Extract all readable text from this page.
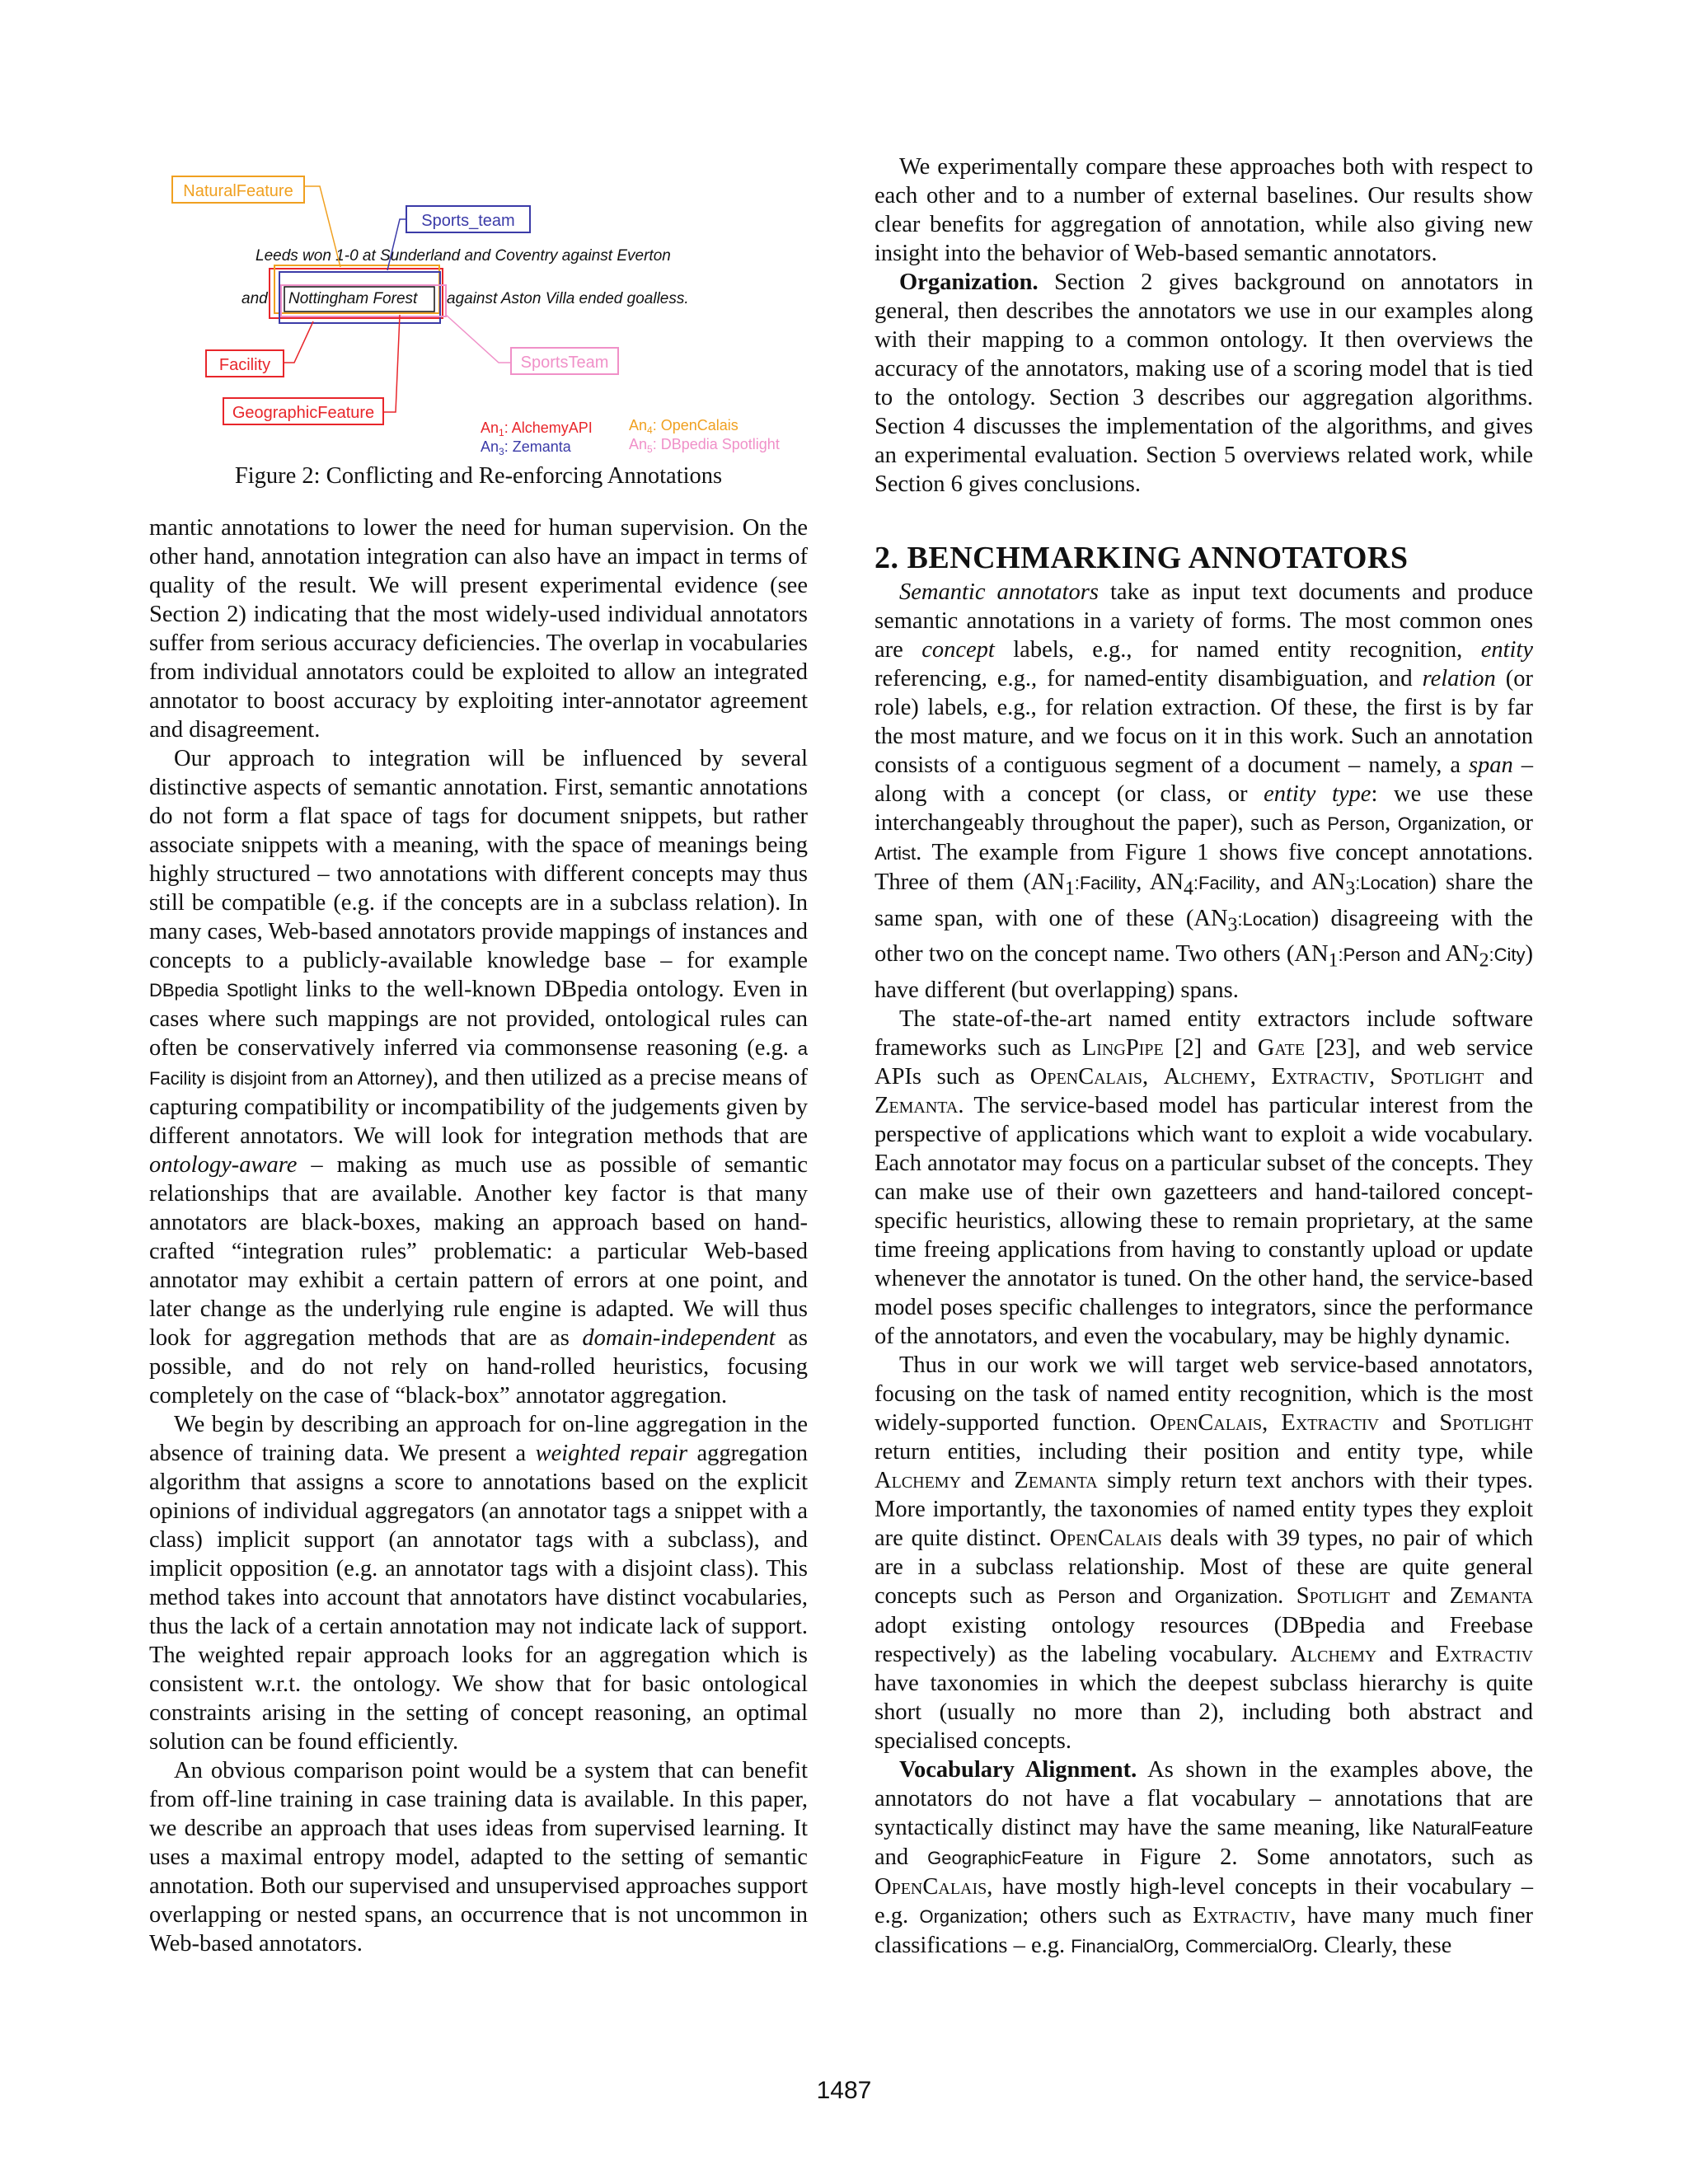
NaturalFeature
Sports_team
Leeds won 1-0 at Sunderland and Coventry against Everton
and Nottingham Forest against Aston Villa ended goalless.
Facility	SportsTeam
GeographicFeature
$An_1$: AlchemyAPI
$An_3$: Zemanta
$An_4$: OpenCalais
$An_5$: DBpedia Spotlight
Figure 2: Conflicting and Re-enforcing Annotations

mantic annotations to lower the need for human supervision. On the other hand, annotation integration can also have an impact in terms of quality of the result. We will present experimental evidence (see Section 2) indicating that the most widely-used individual annotators suffer from serious accuracy deficiencies. The overlap in vocabularies from individual annotators could be exploited to allow an integrated annotator to boost accuracy by exploiting inter-annotator agreement and disagreement.

Our approach to integration will be influenced by several distinctive aspects of semantic annotation. First, semantic annotations do not form a flat space of tags for document snippets, but rather associate snippets with a meaning, with the space of meanings being highly structured – two annotations with different concepts may thus still be compatible (e.g. if the concepts are in a subclass relation). In many cases, Web-based annotators provide mappings of instances and concepts to a publicly-available knowledge base – for example DBpedia Spotlight links to the well-known DBpedia ontology. Even in cases where such mappings are not provided, ontological rules can often be conservatively inferred via commonsense reasoning (e.g. a Facility is disjoint from an Attorney), and then utilized as a precise means of capturing compatibility or incompatibility of the judgements given by different annotators. We will look for integration methods that are ontology-aware – making as much use as possible of semantic relationships that are available. Another key factor is that many annotators are black-boxes, making an approach based on hand-crafted “integration rules” problematic: a particular Web-based annotator may exhibit a certain pattern of errors at one point, and later change as the underlying rule engine is adapted. We will thus look for aggregation methods that are as domain-independent as possible, and do not rely on hand-rolled heuristics, focusing completely on the case of “black-box” annotator aggregation.

We begin by describing an approach for on-line aggregation in the absence of training data. We present a weighted repair aggregation algorithm that assigns a score to annotations based on the explicit opinions of individual aggregators (an annotator tags a snippet with a class) implicit support (an annotator tags with a subclass), and implicit opposition (e.g. an annotator tags with a disjoint class). This method takes into account that annotators have distinct vocabularies, thus the lack of a certain annotation may not indicate lack of support. The weighted repair approach looks for an aggregation which is consistent w.r.t. the ontology. We show that for basic ontological constraints arising in the setting of concept reasoning, an optimal solution can be found efficiently.

An obvious comparison point would be a system that can benefit from off-line training in case training data is available. In this paper, we describe an approach that uses ideas from supervised learning. It uses a maximal entropy model, adapted to the setting of semantic annotation. Both our supervised and unsupervised approaches support overlapping or nested spans, an occurrence that is not uncommon in Web-based annotators.

We experimentally compare these approaches both with respect to each other and to a number of external baselines. Our results show clear benefits for aggregation of annotation, while also giving new insight into the behavior of Web-based semantic annotators.

Organization. Section 2 gives background on annotators in general, then describes the annotators we use in our examples along with their mapping to a common ontology. It then overviews the accuracy of the annotators, making use of a scoring model that is tied to the ontology. Section 3 describes our aggregation algorithms. Section 4 discusses the implementation of the algorithms, and gives an experimental evaluation. Section 5 overviews related work, while Section 6 gives conclusions.

2. BENCHMARKING ANNOTATORS

Semantic annotators take as input text documents and produce semantic annotations in a variety of forms. The most common ones are concept labels, e.g., for named entity recognition, entity referencing, e.g., for named-entity disambiguation, and relation (or role) labels, e.g., for relation extraction. Of these, the first is by far the most mature, and we focus on it in this work. Such an annotation consists of a contiguous segment of a document – namely, a span – along with a concept (or class, or entity type: we use these interchangeably throughout the paper), such as Person, Organization, or Artist. The example from Figure 1 shows five concept annotations. Three of them ($AN_1:Facility$, $AN_4:Facility$, and $AN_3:Location$) share the same span, with one of these $(AN_3:Location)$ disagreeing with the other two on the concept name. Two others ($AN_1:Person$ and $AN_2:City$) have different (but overlapping) spans.

The state-of-the-art named entity extractors include software frameworks such as LingPipe [2] and Gate [23], and web service APIs such as OpenCalais, Alchemy, Extractiv, Spotlight and Zemanta. The service-based model has particular interest from the perspective of applications which want to exploit a wide vocabulary. Each annotator may focus on a particular subset of the concepts. They can make use of their own gazetteers and hand-tailored concept-specific heuristics, allowing these to remain proprietary, at the same time freeing applications from having to constantly upload or update whenever the annotator is tuned. On the other hand, the service-based model poses specific challenges to integrators, since the performance of the annotators, and even the vocabulary, may be highly dynamic.

Thus in our work we will target web service-based annotators, focusing on the task of named entity recognition, which is the most widely-supported function. OpenCalais, Extractiv and Spotlight return entities, including their position and entity type, while Alchemy and Zemanta simply return text anchors with their types. More importantly, the taxonomies of named entity types they exploit are quite distinct. OpenCalais deals with 39 types, no pair of which are in a subclass relationship. Most of these are quite general concepts such as Person and Organization. Spotlight and Zemanta adopt existing ontology resources (DBpedia and Freebase respectively) as the labeling vocabulary. Alchemy and Extractiv have taxonomies in which the deepest subclass hierarchy is quite short (usually no more than 2), including both abstract and specialised concepts.

Vocabulary Alignment. As shown in the examples above, the annotators do not have a flat vocabulary – annotations that are syntactically distinct may have the same meaning, like NaturalFeature and GeographicFeature in Figure 2. Some annotators, such as OpenCalais, have mostly high-level concepts in their vocabulary – e.g. Organization; others such as Extractiv, have many much finer classifications – e.g. FinancialOrg, CommercialOrg. Clearly, these

1487
